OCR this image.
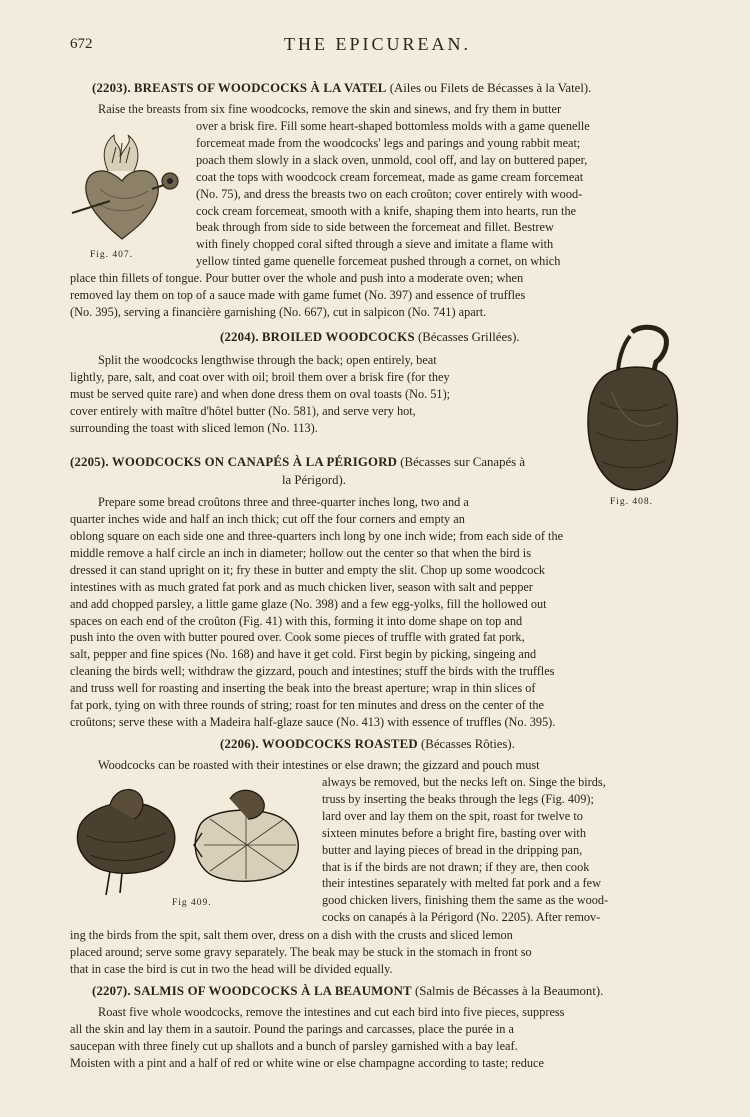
672	THE EPICUREAN.
(2203). BREASTS OF WOODCOCKS À LA VATEL (Ailes ou Filets de Bécasses à la Vatel).
Raise the breasts from six fine woodcocks, remove the skin and sinews, and fry them in butter
over a brisk fire. Fill some heart-shaped bottomless molds with a game quenelle
forcemeat made from the woodcocks' legs and parings and young rabbit meat;
poach them slowly in a slack oven, unmold, cool off, and lay on buttered paper,
coat the tops with woodcock cream forcemeat, made as game cream forcemeat
(No. 75), and dress the breasts two on each croûton; cover entirely with wood-
cock cream forcemeat, smooth with a knife, shaping them into hearts, run the
beak through from side to side between the forcemeat and fillet. Bestrew
with finely chopped coral sifted through a sieve and imitate a flame with
yellow tinted game quenelle forcemeat pushed through a cornet, on which
place thin fillets of tongue. Pour butter over the whole and push into a moderate oven; when
removed lay them on top of a sauce made with game fumet (No. 397) and essence of truffles
(No. 395), serving a financière garnishing (No. 667), cut in salpicon (No. 741) apart.
Fig. 407.
(2204). BROILED WOODCOCKS (Bécasses Grillées).
Split the woodcocks lengthwise through the back; open entirely, beat
lightly, pare, salt, and coat over with oil; broil them over a brisk fire (for they
must be served quite rare) and when done dress them on oval toasts (No. 51);
cover entirely with maître d'hôtel butter (No. 581), and serve very hot,
surrounding the toast with sliced lemon (No. 113).
Fig. 408.
(2205). WOODCOCKS ON CANAPÉS À LA PÉRIGORD (Bécasses sur Canapés à
la Périgord).
Prepare some bread croûtons three and three-quarter inches long, two and a
quarter inches wide and half an inch thick; cut off the four corners and empty an
oblong square on each side one and three-quarters inch long by one inch wide; from each side of the
middle remove a half circle an inch in diameter; hollow out the center so that when the bird is
dressed it can stand upright on it; fry these in butter and empty the slit. Chop up some woodcock
intestines with as much grated fat pork and as much chicken liver, season with salt and pepper
and add chopped parsley, a little game glaze (No. 398) and a few egg-yolks, fill the hollowed out
spaces on each end of the croûton (Fig. 41) with this, forming it into dome shape on top and
push into the oven with butter poured over. Cook some pieces of truffle with grated fat pork,
salt, pepper and fine spices (No. 168) and have it get cold. First begin by picking, singeing and
cleaning the birds well; withdraw the gizzard, pouch and intestines; stuff the birds with the truffles
and truss well for roasting and inserting the beak into the breast aperture; wrap in thin slices of
fat pork, tying on with three rounds of string; roast for ten minutes and dress on the center of the
croûtons; serve these with a Madeira half-glaze sauce (No. 413) with essence of truffles (No. 395).
(2206). WOODCOCKS ROASTED (Bécasses Rôties).
Woodcocks can be roasted with their intestines or else drawn; the gizzard and pouch must
always be removed, but the necks left on. Singe the birds,
truss by inserting the beaks through the legs (Fig. 409);
lard over and lay them on the spit, roast for twelve to
sixteen minutes before a bright fire, basting over with
butter and laying pieces of bread in the dripping pan,
that is if the birds are not drawn; if they are, then cook
their intestines separately with melted fat pork and a few
good chicken livers, finishing them the same as the wood-
cocks on canapés à la Périgord (No. 2205). After remov-
ing the birds from the spit, salt them over, dress on a dish with the crusts and sliced lemon
placed around; serve some gravy separately. The beak may be stuck in the stomach in front so
that in case the bird is cut in two the head will be divided equally.
Fig 409.
(2207). SALMIS OF WOODCOCKS À LA BEAUMONT (Salmis de Bécasses à la Beaumont).
Roast five whole woodcocks, remove the intestines and cut each bird into five pieces, suppress
all the skin and lay them in a sautoir. Pound the parings and carcasses, place the purée in a
saucepan with three finely cut up shallots and a bunch of parsley garnished with a bay leaf.
Moisten with a pint and a half of red or white wine or else champagne according to taste; reduce
